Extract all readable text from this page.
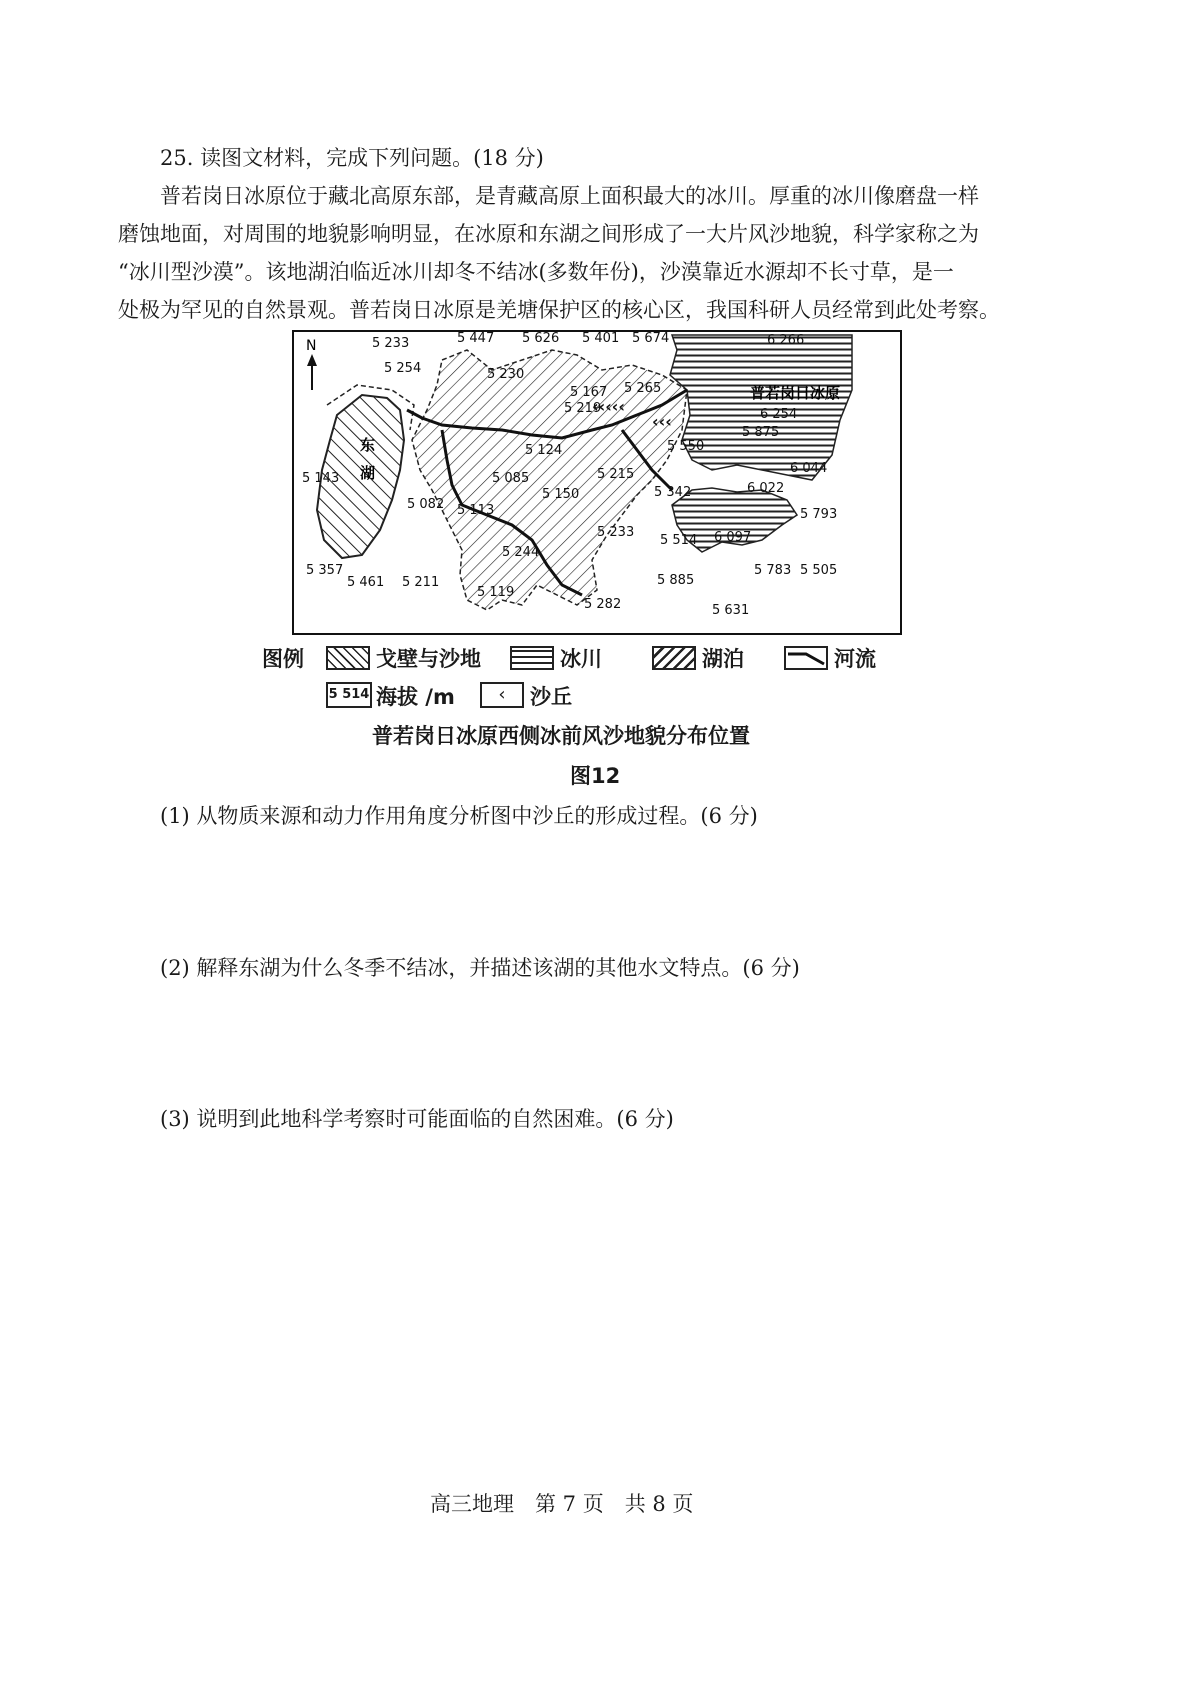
25. 读图文材料，完成下列问题。(18 分)
普若岗日冰原位于藏北高原东部，是青藏高原上面积最大的冰川。厚重的冰川像磨盘一样
磨蚀地面，对周围的地貌影响明显，在冰原和东湖之间形成了一大片风沙地貌，科学家称之为
“冰川型沙漠”。该地湖泊临近冰川却冬不结冰(多数年份)，沙漠靠近水源却不长寸草，是一
处极为罕见的自然景观。普若岗日冰原是羌塘保护区的核心区，我国科研人员经常到此处考察。
‹‹‹‹‹
‹‹‹
N
东
湖
普若岗日冰原
5 233	5 447 5 626 5 401 5 674	6 266
5 254	5 230
5 167 5 265
5 219	6 254
5 875
5 124	5 550
6 044
5 143	5 085	5 215
5 082
5 150	5 342	6 022
5 113	5 793
5 233
5 514 6 097
5 244
5 357
5 461 5 211
5 119
5 885
5 783 5 505
5 282	5 631
图例	戈壁与沙地	冰川	湖泊	河流
5 514 海拔 /m	‹	沙丘
普若岗日冰原西侧冰前风沙地貌分布位置
图12
(1) 从物质来源和动力作用角度分析图中沙丘的形成过程。(6 分)
(2) 解释东湖为什么冬季不结冰，并描述该湖的其他水文特点。(6 分)
(3) 说明到此地科学考察时可能面临的自然困难。(6 分)
高三地理　第 7 页　共 8 页
